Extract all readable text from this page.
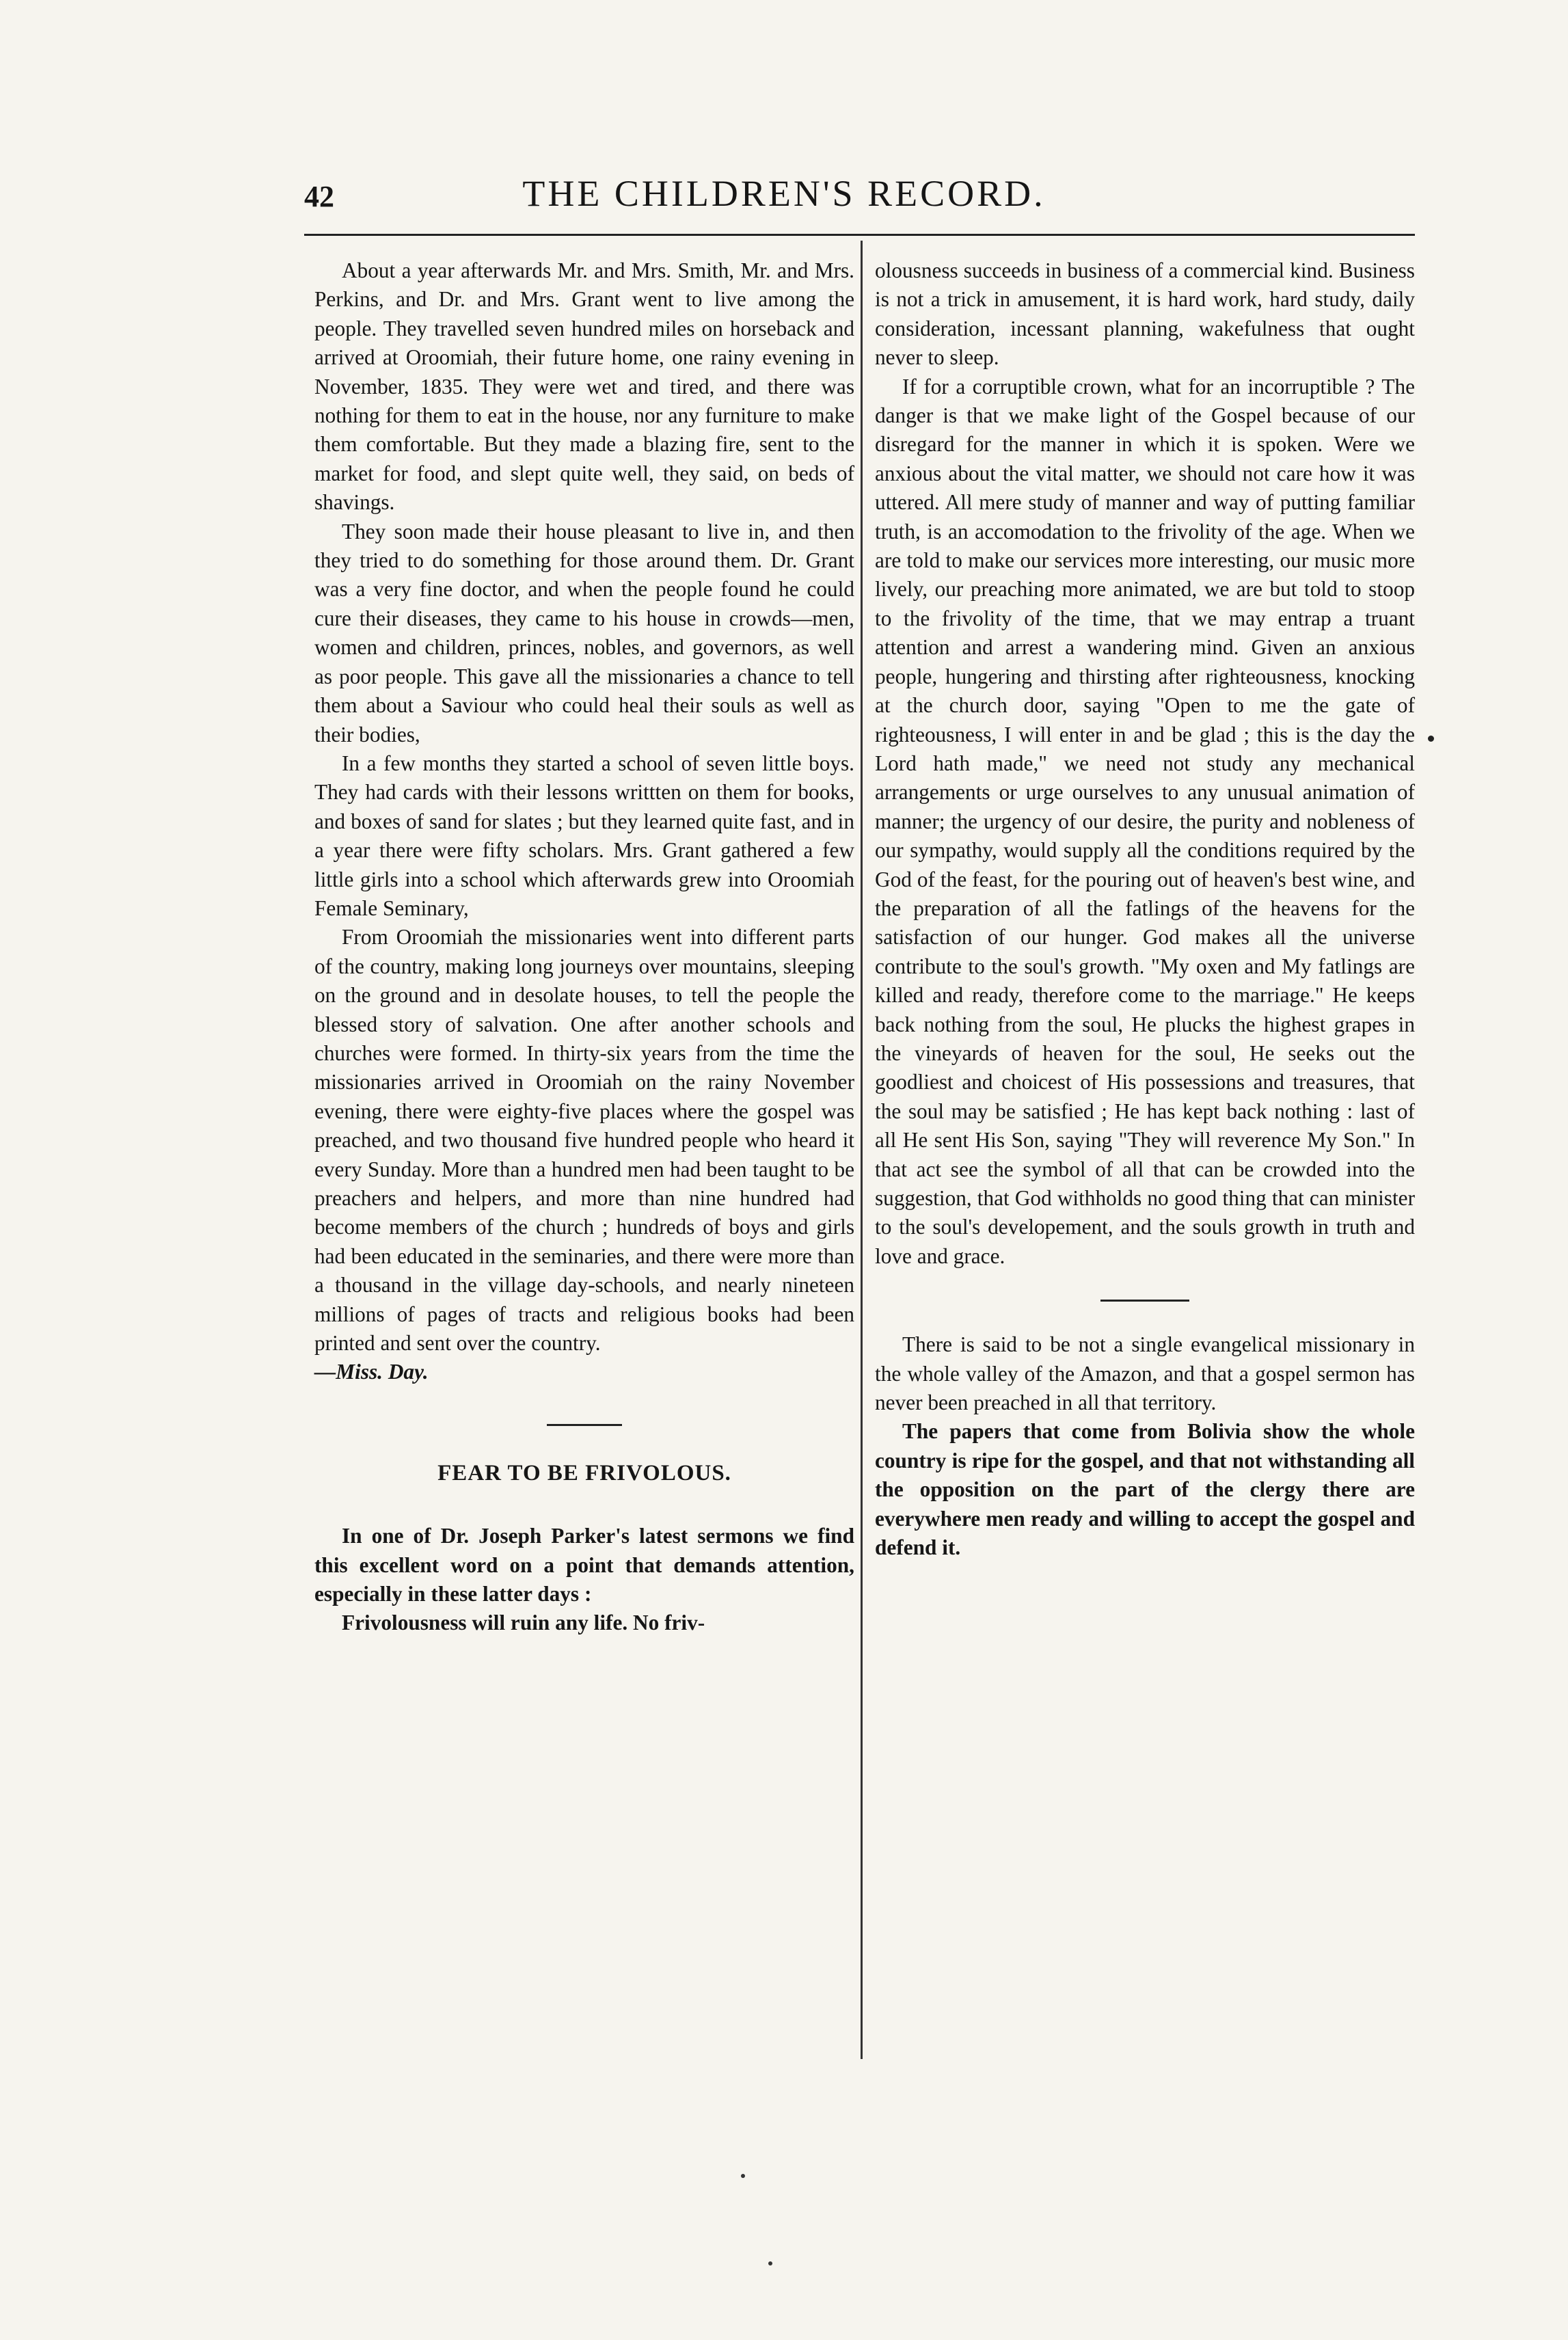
42	THE CHILDREN'S RECORD.

About a year afterwards Mr. and Mrs. Smith, Mr. and Mrs. Perkins, and Dr. and Mrs. Grant went to live among the people. They travelled seven hundred miles on horseback and arrived at Oroomiah, their future home, one rainy evening in November, 1835. They were wet and tired, and there was nothing for them to eat in the house, nor any furniture to make them comfortable. But they made a blazing fire, sent to the market for food, and slept quite well, they said, on beds of shavings.

They soon made their house pleasant to live in, and then they tried to do something for those around them. Dr. Grant was a very fine doctor, and when the people found he could cure their diseases, they came to his house in crowds—men, women and children, princes, nobles, and governors, as well as poor people. This gave all the missionaries a chance to tell them about a Saviour who could heal their souls as well as their bodies,

In a few months they started a school of seven little boys. They had cards with their lessons writtten on them for books, and boxes of sand for slates ; but they learned quite fast, and in a year there were fifty scholars. Mrs. Grant gathered a few little girls into a school which afterwards grew into Oroomiah Female Seminary,

From Oroomiah the missionaries went into different parts of the country, making long journeys over mountains, sleeping on the ground and in desolate houses, to tell the people the blessed story of salvation. One after another schools and churches were formed. In thirty-six years from the time the missionaries arrived in Oroomiah on the rainy November evening, there were eighty-five places where the gospel was preached, and two thousand five hundred people who heard it every Sunday. More than a hundred men had been taught to be preachers and helpers, and more than nine hundred had become members of the church ; hundreds of boys and girls had been educated in the seminaries, and there were more than a thousand in the village day-schools, and nearly nineteen millions of pages of tracts and religious books had been printed and sent over the country.

—Miss. Day.

FEAR TO BE FRIVOLOUS.

In one of Dr. Joseph Parker's latest sermons we find this excellent word on a point that demands attention, especially in these latter days :

Frivolousness will ruin any life. No friv-

olousness succeeds in business of a commercial kind. Business is not a trick in amusement, it is hard work, hard study, daily consideration, incessant planning, wakefulness that ought never to sleep.

If for a corruptible crown, what for an incorruptible ? The danger is that we make light of the Gospel because of our disregard for the manner in which it is spoken. Were we anxious about the vital matter, we should not care how it was uttered. All mere study of manner and way of putting familiar truth, is an accomodation to the frivolity of the age. When we are told to make our services more interesting, our music more lively, our preaching more animated, we are but told to stoop to the frivolity of the time, that we may entrap a truant attention and arrest a wandering mind. Given an anxious people, hungering and thirsting after righteousness, knocking at the church door, saying "Open to me the gate of righteousness, I will enter in and be glad ; this is the day the Lord hath made," we need not study any mechanical arrangements or urge ourselves to any unusual animation of manner; the urgency of our desire, the purity and nobleness of our sympathy, would supply all the conditions required by the God of the feast, for the pouring out of heaven's best wine, and the preparation of all the fatlings of the heavens for the satisfaction of our hunger. God makes all the universe contribute to the soul's growth. "My oxen and My fatlings are killed and ready, therefore come to the marriage." He keeps back nothing from the soul, He plucks the highest grapes in the vineyards of heaven for the soul, He seeks out the goodliest and choicest of His possessions and treasures, that the soul may be satisfied ; He has kept back nothing : last of all He sent His Son, saying "They will reverence My Son." In that act see the symbol of all that can be crowded into the suggestion, that God withholds no good thing that can minister to the soul's developement, and the souls growth in truth and love and grace.

There is said to be not a single evangelical missionary in the whole valley of the Amazon, and that a gospel sermon has never been preached in all that territory.

The papers that come from Bolivia show the whole country is ripe for the gospel, and that not withstanding all the opposition on the part of the clergy there are everywhere men ready and willing to accept the gospel and defend it.
